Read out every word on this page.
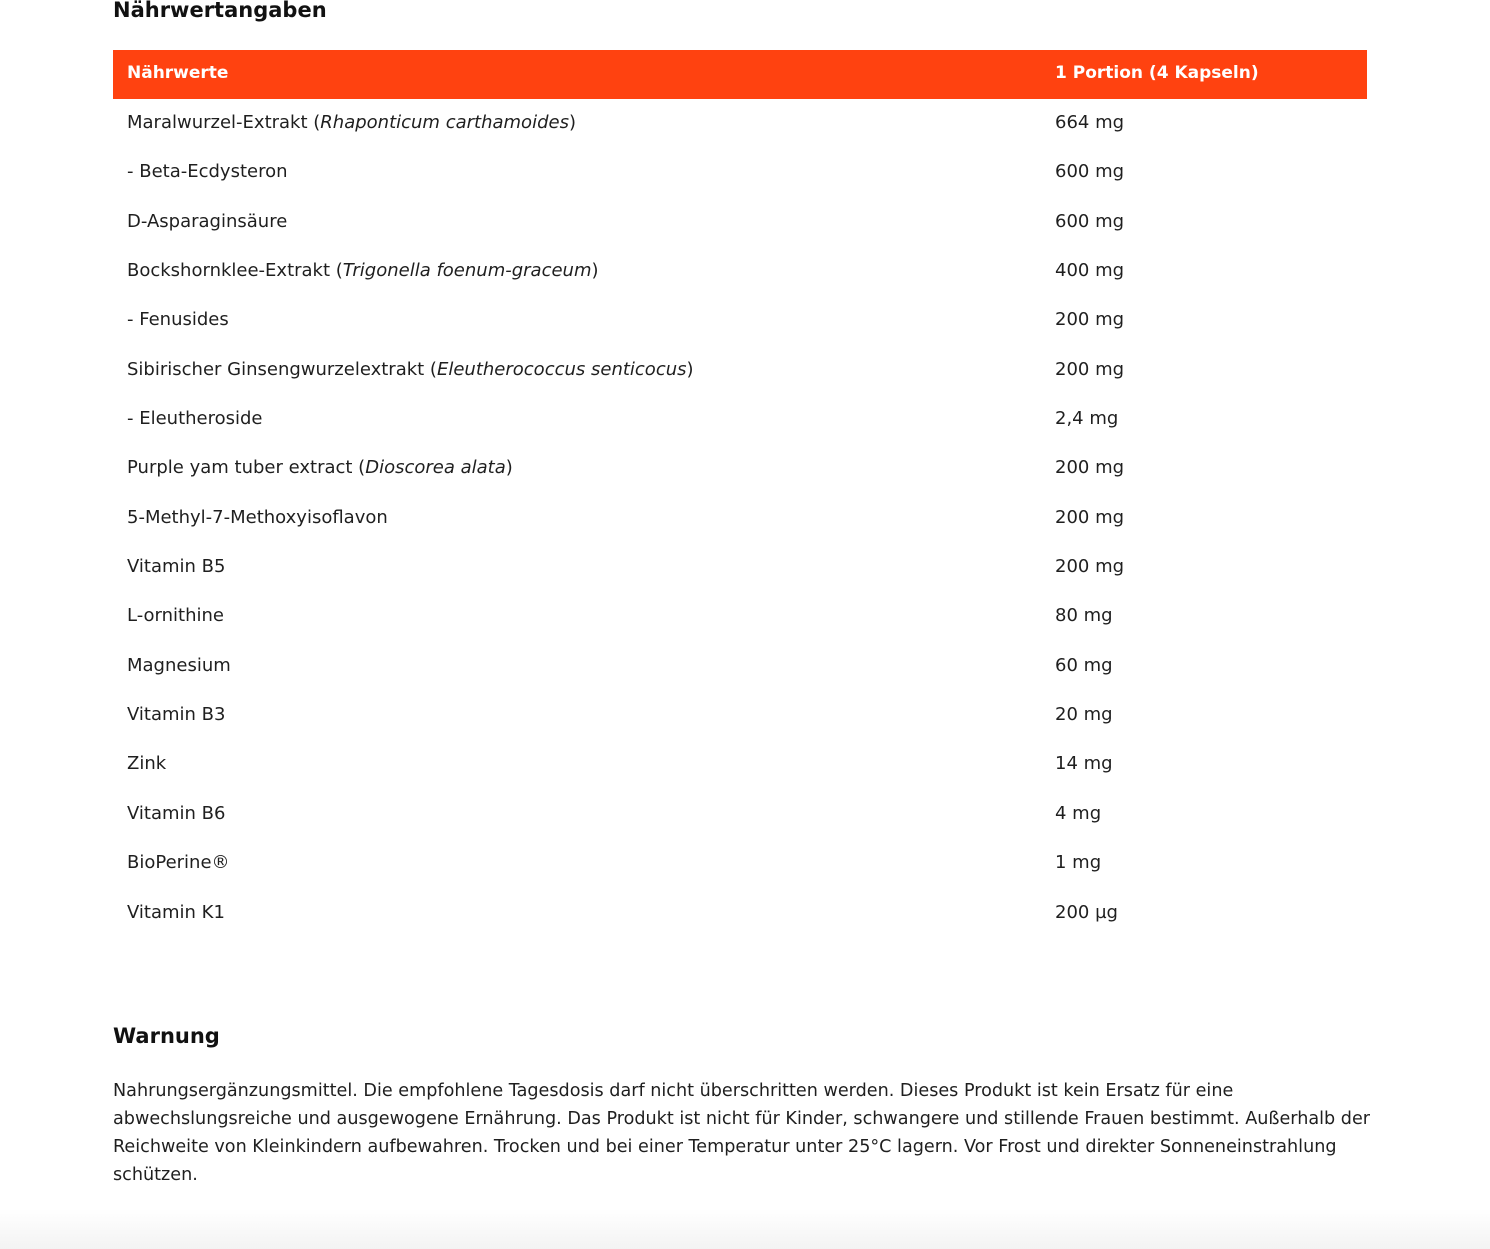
Nährwertangaben
Nährwerte	1 Portion (4 Kapseln)
Maralwurzel-Extrakt (Rhaponticum carthamoides)	664 mg
- Beta-Ecdysteron	600 mg
D-Asparaginsäure	600 mg
Bockshornklee-Extrakt (Trigonella foenum-graceum)	400 mg
- Fenusides	200 mg
Sibirischer Ginsengwurzelextrakt (Eleutherococcus senticocus)	200 mg
- Eleutheroside	2,4 mg
Purple yam tuber extract (Dioscorea alata)	200 mg
5-Methyl-7-Methoxyisoflavon	200 mg
Vitamin B5	200 mg
L-ornithine	80 mg
Magnesium	60 mg
Vitamin B3	20 mg
Zink	14 mg
Vitamin B6	4 mg
BioPerine®	1 mg
Vitamin K1	200 µg
Warnung

Nahrungsergänzungsmittel. Die empfohlene Tagesdosis darf nicht überschritten werden. Dieses Produkt ist kein Ersatz für eine abwechslungsreiche und ausgewogene Ernährung. Das Produkt ist nicht für Kinder, schwangere und stillende Frauen bestimmt. Außerhalb der Reichweite von Kleinkindern aufbewahren. Trocken und bei einer Temperatur unter 25°C lagern. Vor Frost und direkter Sonneneinstrahlung schützen.
